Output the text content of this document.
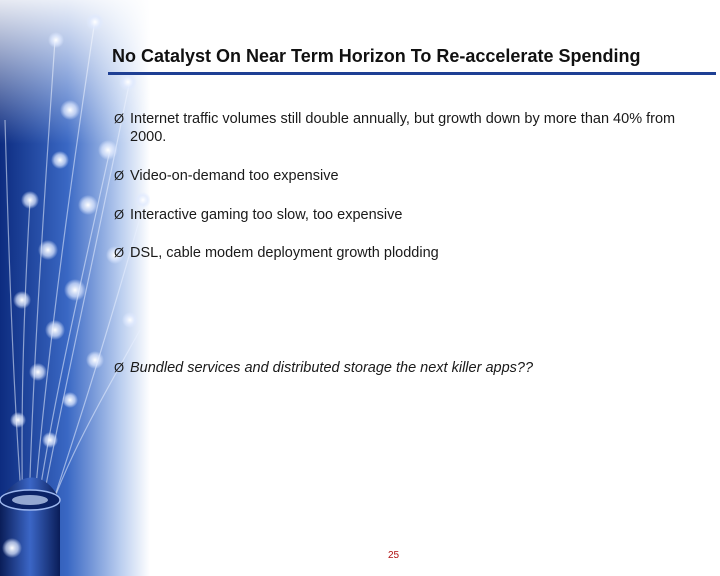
No Catalyst On Near Term Horizon To Re-accelerate Spending
Ø Internet traffic volumes still double annually, but growth down by more than 40% from 2000.
Ø Video-on-demand too expensive
Ø Interactive gaming too slow, too expensive
Ø DSL, cable modem deployment growth plodding
Ø Bundled services and distributed storage the next killer apps??
25
